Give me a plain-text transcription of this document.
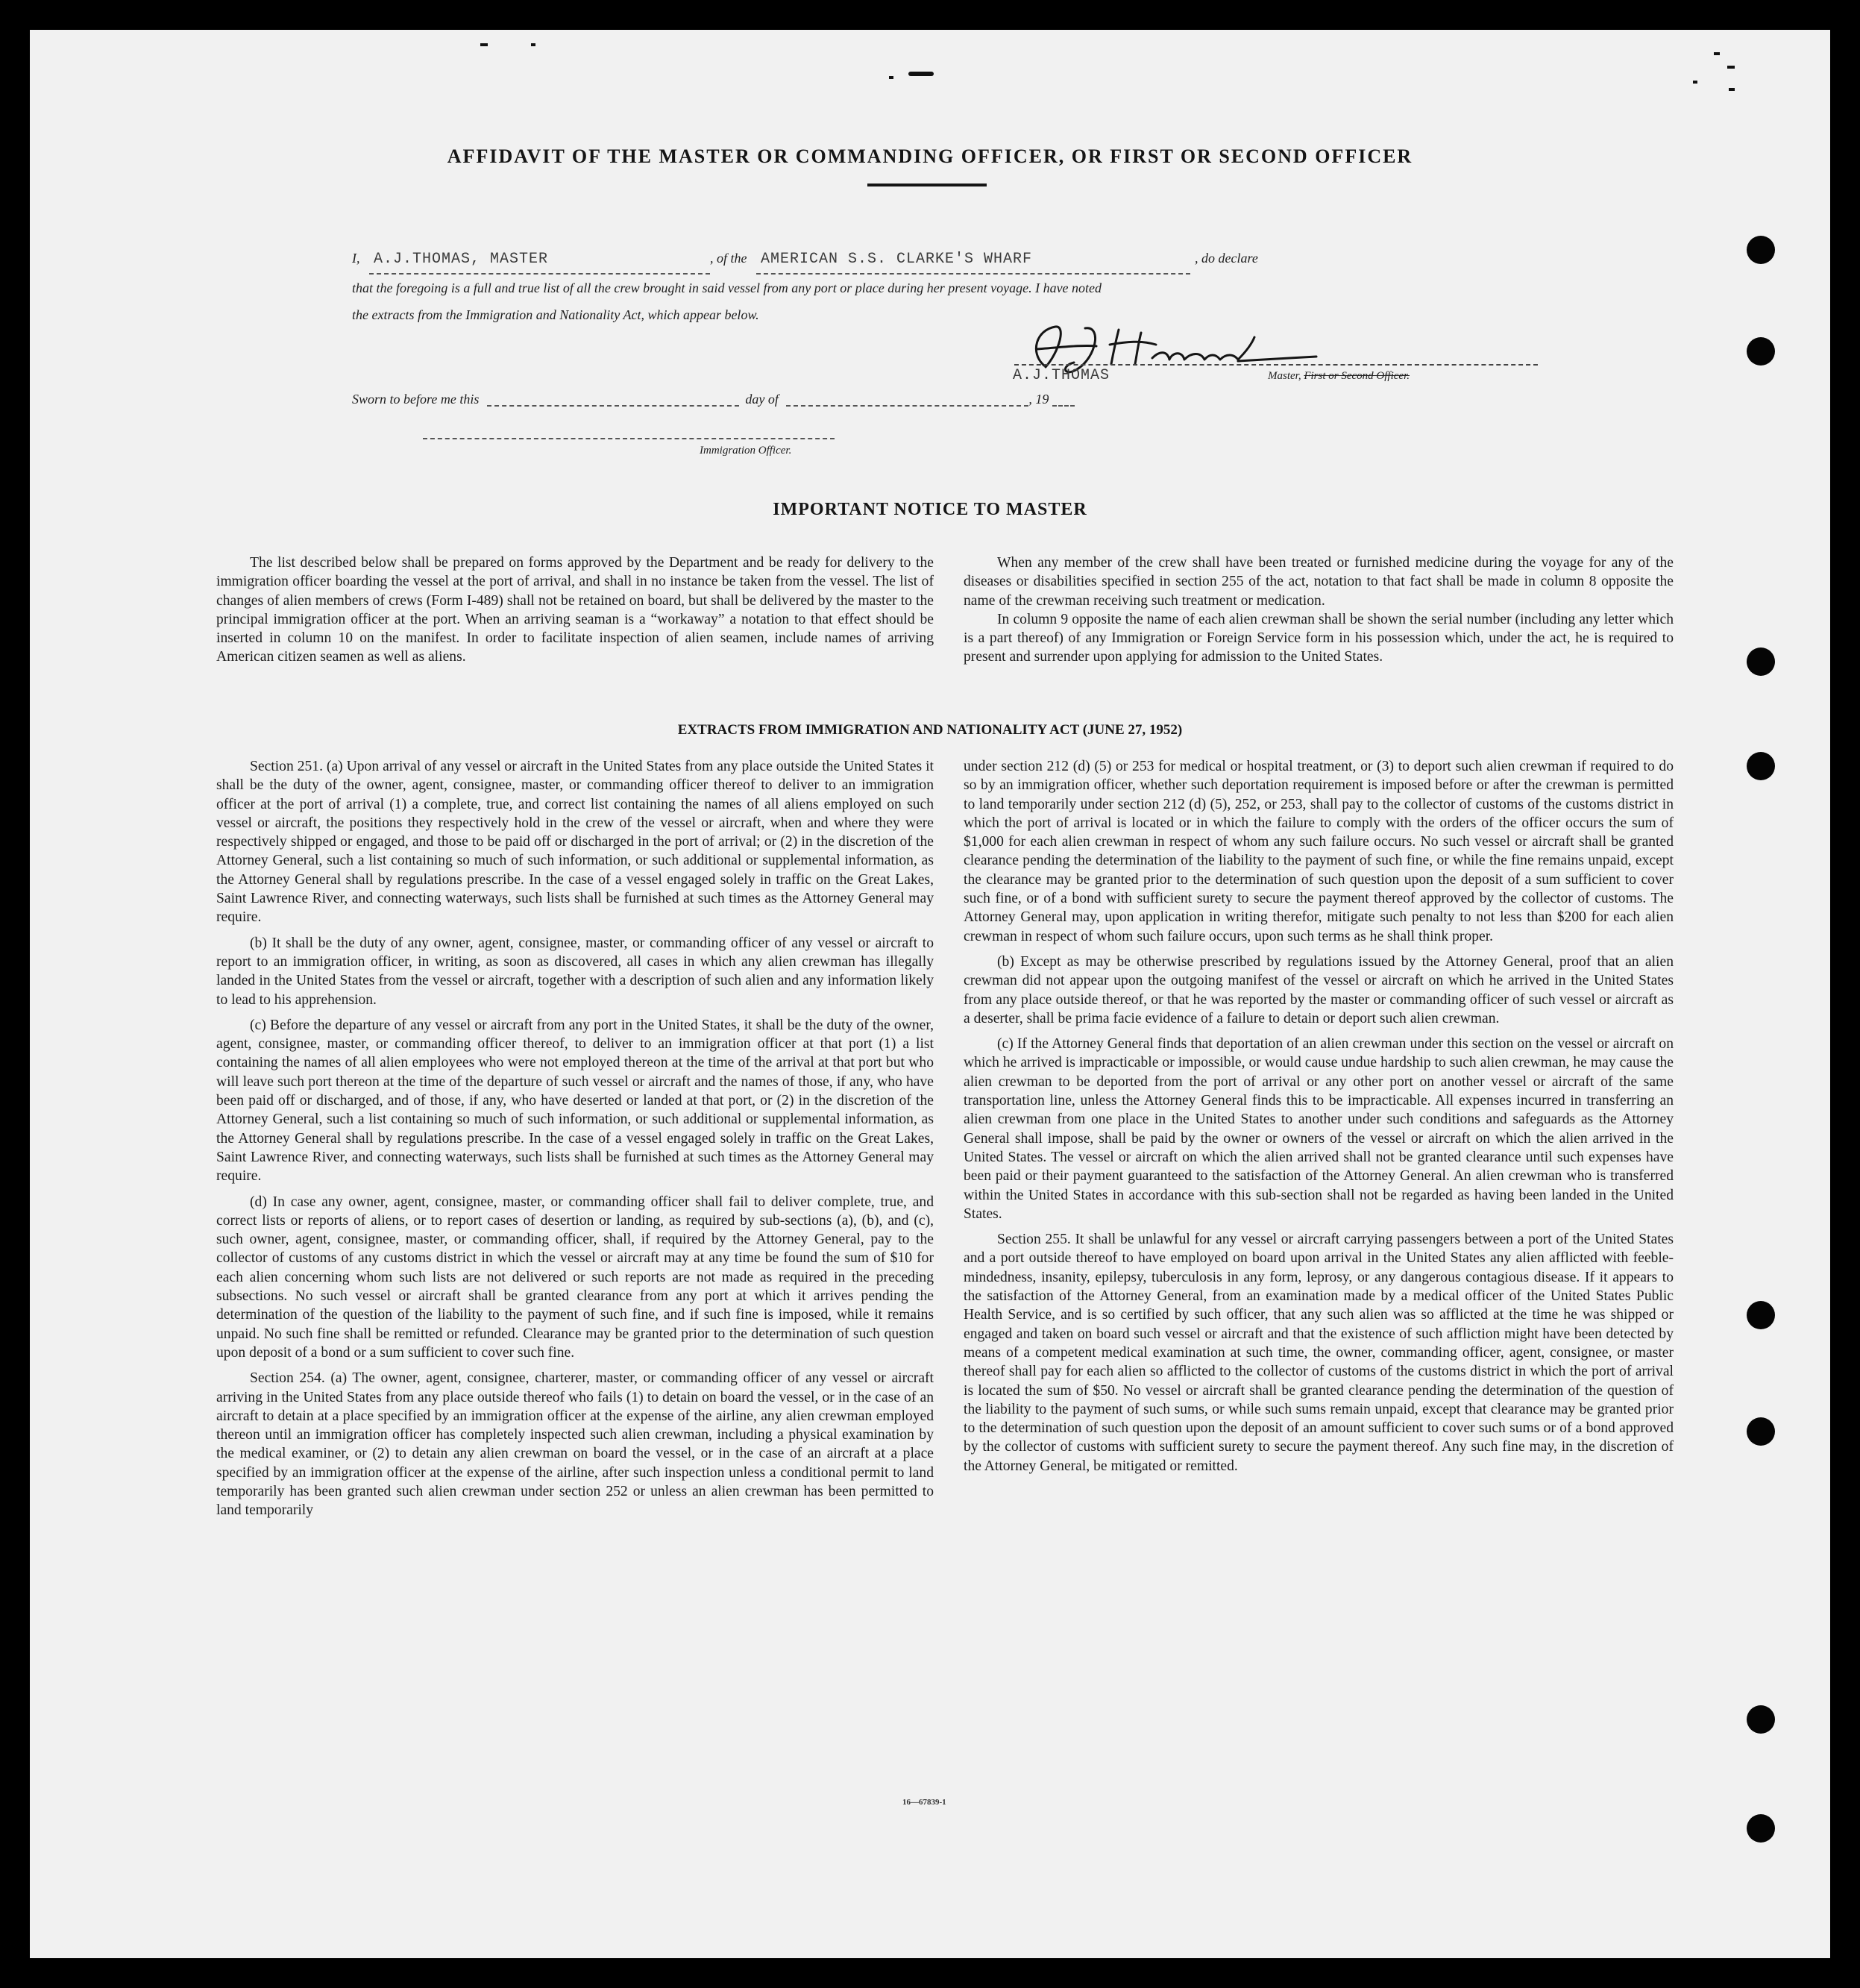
AFFIDAVIT OF THE MASTER OR COMMANDING OFFICER, OR FIRST OR SECOND OFFICER
I, A.J.THOMAS, MASTER	, of the AMERICAN S.S. CLARKE'S WHARF	, do declare
that the foregoing is a full and true list of all the crew brought in said vessel from any port or place during her present voyage. I have noted
the extracts from the Immigration and Nationality Act, which appear below.
A.J.THOMAS	Master, First or Second Officer.
Sworn to before me this	day of	, 19
Immigration Officer.
IMPORTANT NOTICE TO MASTER

The list described below shall be prepared on forms approved by the Department and be ready for delivery to the immigration officer boarding the vessel at the port of arrival, and shall in no instance be taken from the vessel. The list of changes of alien members of crews (Form I-489) shall not be retained on board, but shall be delivered by the master to the principal immigration officer at the port. When an arriving seaman is a “workaway” a notation to that effect should be inserted in column 10 on the manifest. In order to facilitate inspection of alien seamen, include names of arriving American citizen seamen as well as aliens.

When any member of the crew shall have been treated or furnished medicine during the voyage for any of the diseases or disabilities specified in section 255 of the act, notation to that fact shall be made in column 8 opposite the name of the crewman receiving such treatment or medication.

In column 9 opposite the name of each alien crewman shall be shown the serial number (including any letter which is a part thereof) of any Immigration or Foreign Service form in his possession which, under the act, he is required to present and surrender upon applying for admission to the United States.

EXTRACTS FROM IMMIGRATION AND NATIONALITY ACT (JUNE 27, 1952)

Section 251. (a) Upon arrival of any vessel or aircraft in the United States from any place outside the United States it shall be the duty of the owner, agent, consignee, master, or commanding officer thereof to deliver to an immigration officer at the port of arrival (1) a complete, true, and correct list containing the names of all aliens employed on such vessel or aircraft, the positions they respectively hold in the crew of the vessel or aircraft, when and where they were respectively shipped or engaged, and those to be paid off or discharged in the port of arrival; or (2) in the discretion of the Attorney General, such a list containing so much of such information, or such additional or supplemental information, as the Attorney General shall by regulations prescribe. In the case of a vessel engaged solely in traffic on the Great Lakes, Saint Lawrence River, and connecting waterways, such lists shall be furnished at such times as the Attorney General may require.

(b) It shall be the duty of any owner, agent, consignee, master, or commanding officer of any vessel or aircraft to report to an immigration officer, in writing, as soon as discovered, all cases in which any alien crewman has illegally landed in the United States from the vessel or aircraft, together with a description of such alien and any information likely to lead to his apprehension.

(c) Before the departure of any vessel or aircraft from any port in the United States, it shall be the duty of the owner, agent, consignee, master, or commanding officer thereof, to deliver to an immigration officer at that port (1) a list containing the names of all alien employees who were not employed thereon at the time of the arrival at that port but who will leave such port thereon at the time of the departure of such vessel or aircraft and the names of those, if any, who have been paid off or discharged, and of those, if any, who have deserted or landed at that port, or (2) in the discretion of the Attorney General, such a list containing so much of such information, or such additional or supplemental information, as the Attorney General shall by regulations prescribe. In the case of a vessel engaged solely in traffic on the Great Lakes, Saint Lawrence River, and connecting waterways, such lists shall be furnished at such times as the Attorney General may require.

(d) In case any owner, agent, consignee, master, or commanding officer shall fail to deliver complete, true, and correct lists or reports of aliens, or to report cases of desertion or landing, as required by sub-sections (a), (b), and (c), such owner, agent, consignee, master, or commanding officer, shall, if required by the Attorney General, pay to the collector of customs of any customs district in which the vessel or aircraft may at any time be found the sum of $10 for each alien concerning whom such lists are not delivered or such reports are not made as required in the preceding subsections. No such vessel or aircraft shall be granted clearance from any port at which it arrives pending the determination of the question of the liability to the payment of such fine, and if such fine is imposed, while it remains unpaid. No such fine shall be remitted or refunded. Clearance may be granted prior to the determination of such question upon deposit of a bond or a sum sufficient to cover such fine.

Section 254. (a) The owner, agent, consignee, charterer, master, or commanding officer of any vessel or aircraft arriving in the United States from any place outside thereof who fails (1) to detain on board the vessel, or in the case of an aircraft to detain at a place specified by an immigration officer at the expense of the airline, any alien crewman employed thereon until an immigration officer has completely inspected such alien crewman, including a physical examination by the medical examiner, or (2) to detain any alien crewman on board the vessel, or in the case of an aircraft at a place specified by an immigration officer at the expense of the airline, after such inspection unless a conditional permit to land temporarily has been granted such alien crewman under section 252 or unless an alien crewman has been permitted to land temporarily

under section 212 (d) (5) or 253 for medical or hospital treatment, or (3) to deport such alien crewman if required to do so by an immigration officer, whether such deportation requirement is imposed before or after the crewman is permitted to land temporarily under section 212 (d) (5), 252, or 253, shall pay to the collector of customs of the customs district in which the port of arrival is located or in which the failure to comply with the orders of the officer occurs the sum of $1,000 for each alien crewman in respect of whom any such failure occurs. No such vessel or aircraft shall be granted clearance pending the determination of the liability to the payment of such fine, or while the fine remains unpaid, except the clearance may be granted prior to the determination of such question upon the deposit of a sum sufficient to cover such fine, or of a bond with sufficient surety to secure the payment thereof approved by the collector of customs. The Attorney General may, upon application in writing therefor, mitigate such penalty to not less than $200 for each alien crewman in respect of whom such failure occurs, upon such terms as he shall think proper.

(b) Except as may be otherwise prescribed by regulations issued by the Attorney General, proof that an alien crewman did not appear upon the outgoing manifest of the vessel or aircraft on which he arrived in the United States from any place outside thereof, or that he was reported by the master or commanding officer of such vessel or aircraft as a deserter, shall be prima facie evidence of a failure to detain or deport such alien crewman.

(c) If the Attorney General finds that deportation of an alien crewman under this section on the vessel or aircraft on which he arrived is impracticable or impossible, or would cause undue hardship to such alien crewman, he may cause the alien crewman to be deported from the port of arrival or any other port on another vessel or aircraft of the same transportation line, unless the Attorney General finds this to be impracticable. All expenses incurred in transferring an alien crewman from one place in the United States to another under such conditions and safeguards as the Attorney General shall impose, shall be paid by the owner or owners of the vessel or aircraft on which the alien arrived in the United States. The vessel or aircraft on which the alien arrived shall not be granted clearance until such expenses have been paid or their payment guaranteed to the satisfaction of the Attorney General. An alien crewman who is transferred within the United States in accordance with this sub-section shall not be regarded as having been landed in the United States.

Section 255. It shall be unlawful for any vessel or aircraft carrying passengers between a port of the United States and a port outside thereof to have employed on board upon arrival in the United States any alien afflicted with feeble-mindedness, insanity, epilepsy, tuberculosis in any form, leprosy, or any dangerous contagious disease. If it appears to the satisfaction of the Attorney General, from an examination made by a medical officer of the United States Public Health Service, and is so certified by such officer, that any such alien was so afflicted at the time he was shipped or engaged and taken on board such vessel or aircraft and that the existence of such affliction might have been detected by means of a competent medical examination at such time, the owner, commanding officer, agent, consignee, or master thereof shall pay for each alien so afflicted to the collector of customs of the customs district in which the port of arrival is located the sum of $50. No vessel or aircraft shall be granted clearance pending the determination of the question of the liability to the payment of such sums, or while such sums remain unpaid, except that clearance may be granted prior to the determination of such question upon the deposit of an amount sufficient to cover such sums or of a bond approved by the collector of customs with sufficient surety to secure the payment thereof. Any such fine may, in the discretion of the Attorney General, be mitigated or remitted.

16—67839-1
